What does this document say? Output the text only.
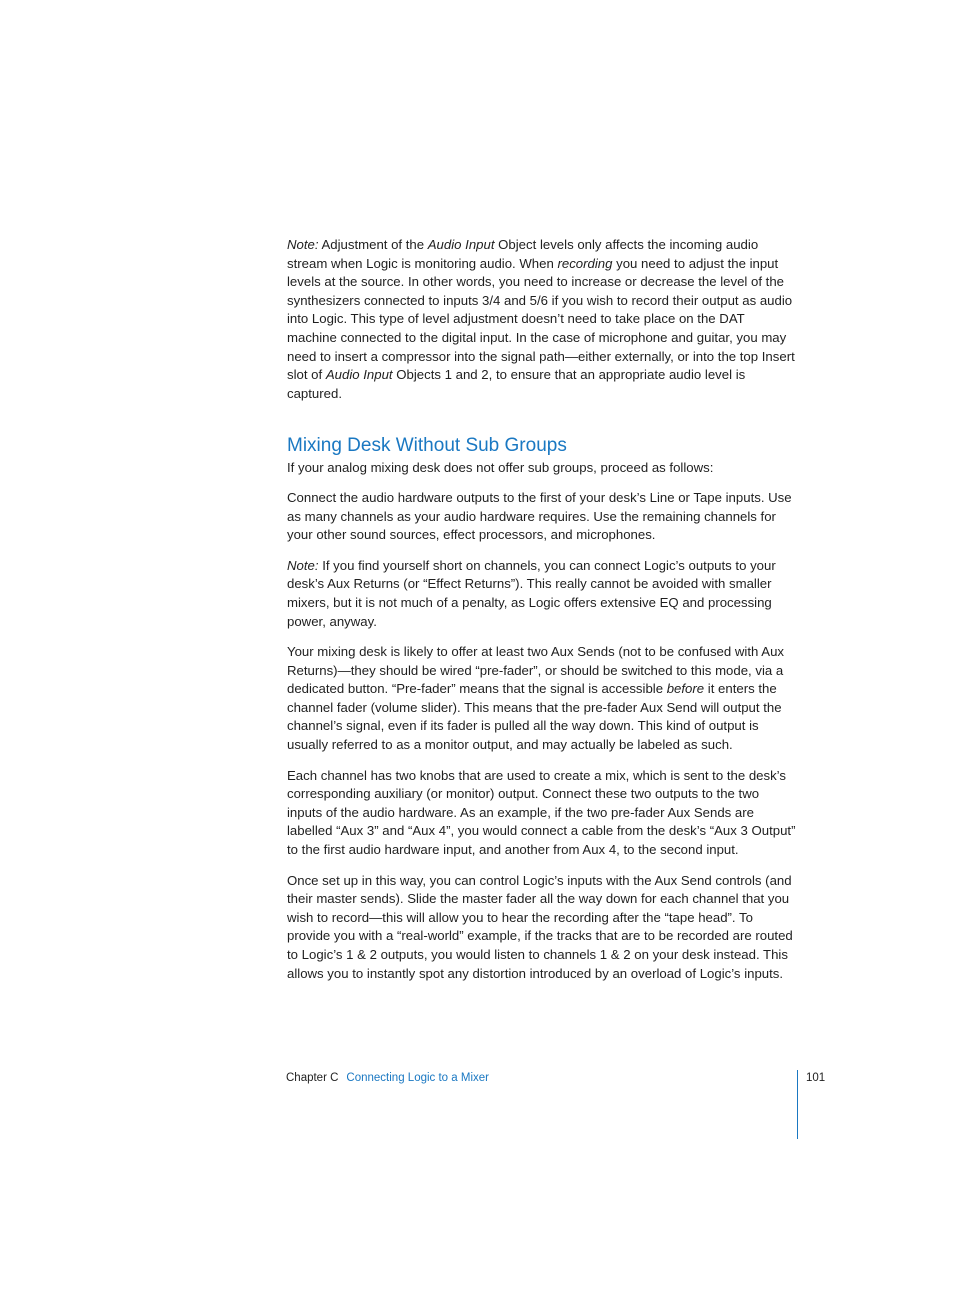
Note: Adjustment of the Audio Input Object levels only affects the incoming audio stream when Logic is monitoring audio. When recording you need to adjust the input levels at the source. In other words, you need to increase or decrease the level of the synthesizers connected to inputs 3/4 and 5/6 if you wish to record their output as audio into Logic. This type of level adjustment doesn’t need to take place on the DAT machine connected to the digital input. In the case of microphone and guitar, you may need to insert a compressor into the signal path—either externally, or into the top Insert slot of Audio Input Objects 1 and 2, to ensure that an appropriate audio level is captured.

Mixing Desk Without Sub Groups

If your analog mixing desk does not offer sub groups, proceed as follows:

Connect the audio hardware outputs to the first of your desk’s Line or Tape inputs. Use as many channels as your audio hardware requires. Use the remaining channels for your other sound sources, effect processors, and microphones.

Note: If you find yourself short on channels, you can connect Logic’s outputs to your desk’s Aux Returns (or “Effect Returns”). This really cannot be avoided with smaller mixers, but it is not much of a penalty, as Logic offers extensive EQ and processing power, anyway.

Your mixing desk is likely to offer at least two Aux Sends (not to be confused with Aux Returns)—they should be wired “pre-fader”, or should be switched to this mode, via a dedicated button. “Pre-fader” means that the signal is accessible before it enters the channel fader (volume slider). This means that the pre-fader Aux Send will output the channel’s signal, even if its fader is pulled all the way down. This kind of output is usually referred to as a monitor output, and may actually be labeled as such.

Each channel has two knobs that are used to create a mix, which is sent to the desk’s corresponding auxiliary (or monitor) output. Connect these two outputs to the two inputs of the audio hardware. As an example, if the two pre-fader Aux Sends are labelled “Aux 3” and “Aux 4”, you would connect a cable from the desk’s “Aux 3 Output” to the first audio hardware input, and another from Aux 4, to the second input.

Once set up in this way, you can control Logic’s inputs with the Aux Send controls (and their master sends). Slide the master fader all the way down for each channel that you wish to record—this will allow you to hear the recording after the “tape head”. To provide you with a “real-world” example, if the tracks that are to be recorded are routed to Logic’s 1 & 2 outputs, you would listen to channels 1 & 2 on your desk instead. This allows you to instantly spot any distortion introduced by an overload of Logic’s inputs.

Chapter C Connecting Logic to a Mixer	101
